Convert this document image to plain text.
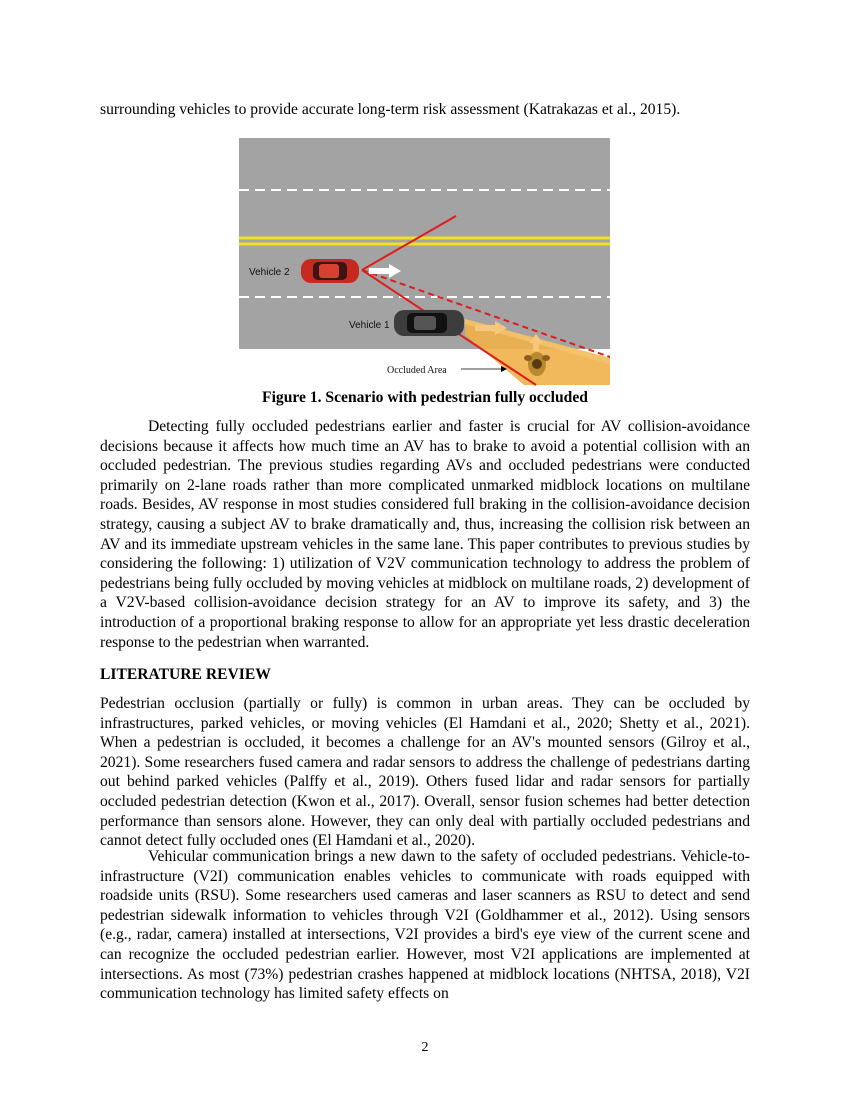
surrounding vehicles to provide accurate long-term risk assessment (Katrakazas et al., 2015).

Vehicle 2
Vehicle 1
Occluded Area

Figure 1. Scenario with pedestrian fully occluded

Detecting fully occluded pedestrians earlier and faster is crucial for AV collision-avoidance decisions because it affects how much time an AV has to brake to avoid a potential collision with an occluded pedestrian. The previous studies regarding AVs and occluded pedestrians were conducted primarily on 2-lane roads rather than more complicated unmarked midblock locations on multilane roads. Besides, AV response in most studies considered full braking in the collision-avoidance decision strategy, causing a subject AV to brake dramatically and, thus, increasing the collision risk between an AV and its immediate upstream vehicles in the same lane. This paper contributes to previous studies by considering the following: 1) utilization of V2V communication technology to address the problem of pedestrians being fully occluded by moving vehicles at midblock on multilane roads, 2) development of a V2V-based collision-avoidance decision strategy for an AV to improve its safety, and 3) the introduction of a proportional braking response to allow for an appropriate yet less drastic deceleration response to the pedestrian when warranted.

LITERATURE REVIEW

Pedestrian occlusion (partially or fully) is common in urban areas. They can be occluded by infrastructures, parked vehicles, or moving vehicles (El Hamdani et al., 2020; Shetty et al., 2021). When a pedestrian is occluded, it becomes a challenge for an AV's mounted sensors (Gilroy et al., 2021). Some researchers fused camera and radar sensors to address the challenge of pedestrians darting out behind parked vehicles (Palffy et al., 2019). Others fused lidar and radar sensors for partially occluded pedestrian detection (Kwon et al., 2017). Overall, sensor fusion schemes had better detection performance than sensors alone. However, they can only deal with partially occluded pedestrians and cannot detect fully occluded ones (El Hamdani et al., 2020).

Vehicular communication brings a new dawn to the safety of occluded pedestrians. Vehicle-to-infrastructure (V2I) communication enables vehicles to communicate with roads equipped with roadside units (RSU). Some researchers used cameras and laser scanners as RSU to detect and send pedestrian sidewalk information to vehicles through V2I (Goldhammer et al., 2012). Using sensors (e.g., radar, camera) installed at intersections, V2I provides a bird's eye view of the current scene and can recognize the occluded pedestrian earlier. However, most V2I applications are implemented at intersections. As most (73%) pedestrian crashes happened at midblock locations (NHTSA, 2018), V2I communication technology has limited safety effects on

2
